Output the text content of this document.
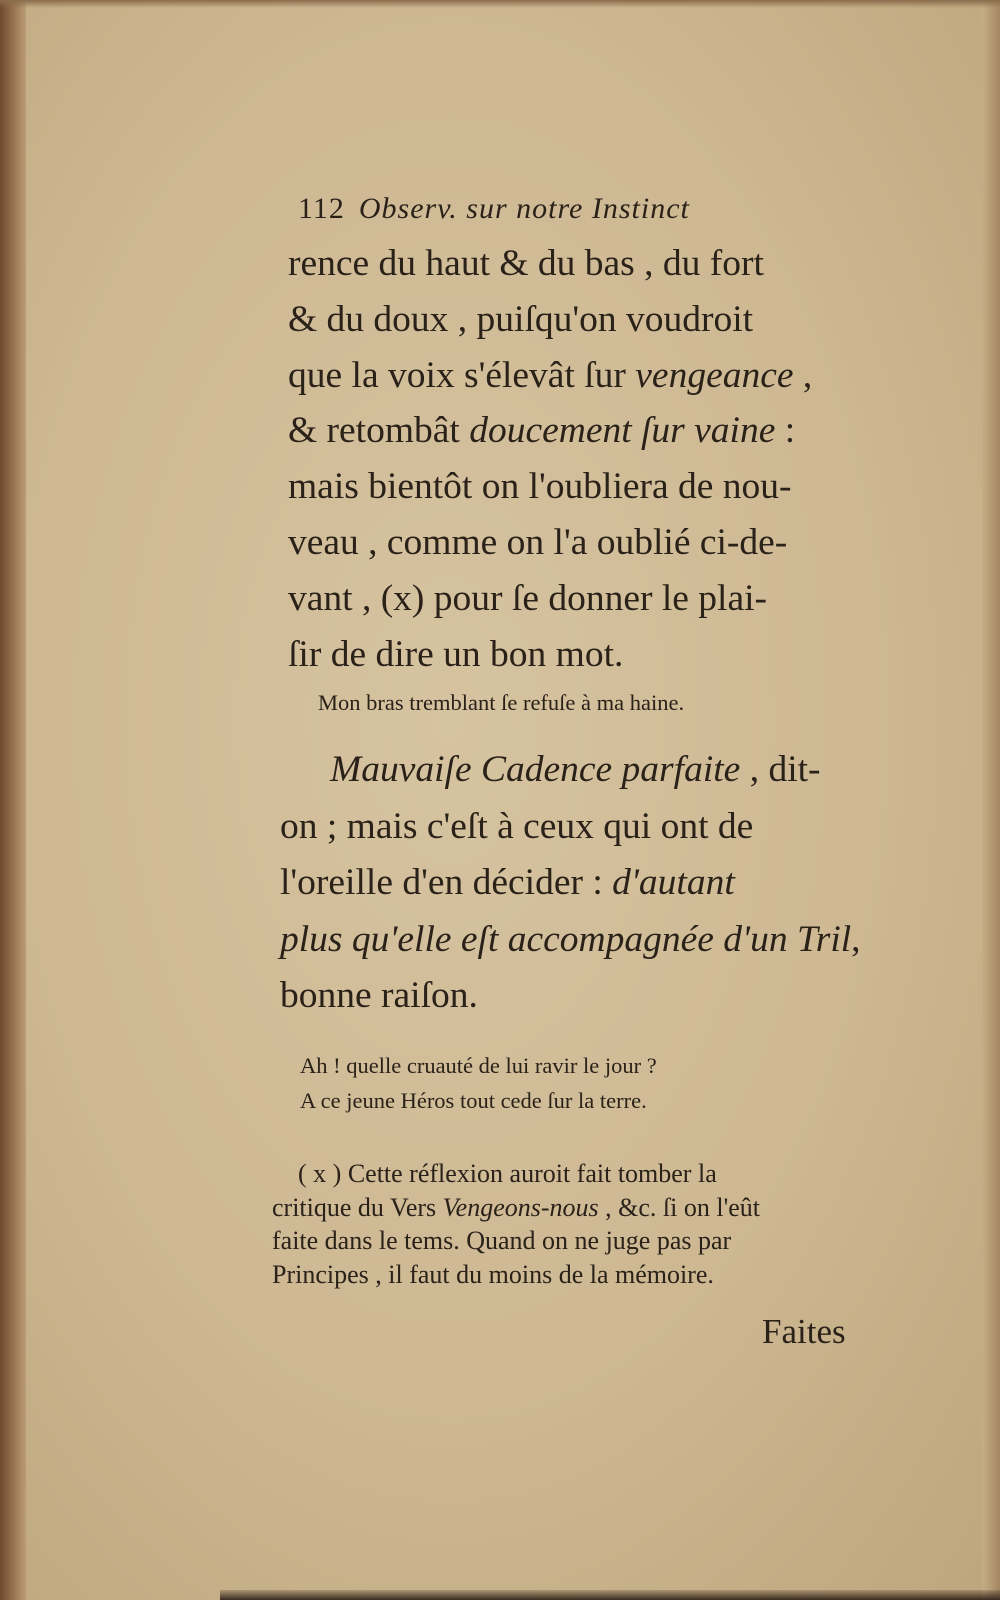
112 Observ. sur notre Instinct
rence du haut & du bas , du fort
& du doux , puiſqu'on voudroit
que la voix s'élevât ſur vengeance ,
& retombât doucement ſur vaine :
mais bientôt on l'oubliera de nou-
veau , comme on l'a oublié ci-de-
vant , (x) pour ſe donner le plai-
ſir de dire un bon mot.
Mon bras tremblant ſe refuſe à ma haine.
Mauvaiſe Cadence parfaite , dit-
on ; mais c'eſt à ceux qui ont de
l'oreille d'en décider : d'autant
plus qu'elle eſt accompagnée d'un Tril,
bonne raiſon.
Ah ! quelle cruauté de lui ravir le jour ?
A ce jeune Héros tout cede ſur la terre.
( x ) Cette réflexion auroit fait tomber la
critique du Vers Vengeons-nous , &c. ſi on l'eût
faite dans le tems. Quand on ne juge pas par
Principes , il faut du moins de la mémoire.
Faites
